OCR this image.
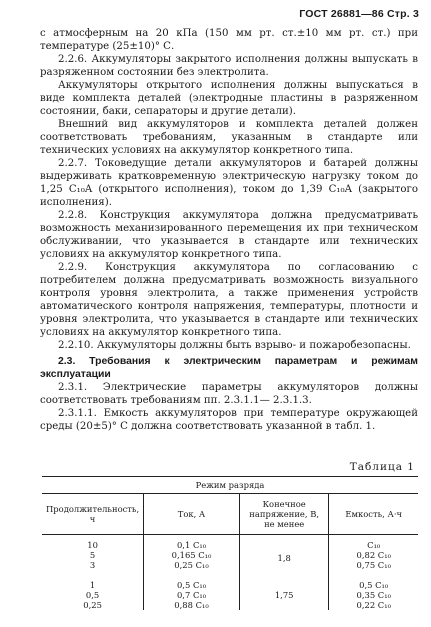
ГОСТ 26881—86 Стр. 3

с атмосферным на 20 кПа (150 мм рт. ст.±10 мм рт. ст.) при температуре (25±10)° С.

2.2.6. Аккумуляторы закрытого исполнения должны выпускать в разряженном состоянии без электролита.

Аккумуляторы открытого исполнения должны выпускаться в виде комплекта деталей (электродные пластины в разряженном состоянии, баки, сепараторы и другие детали).

Внешний вид аккумуляторов и комплекта деталей должен соответствовать требованиям, указанным в стандарте или технических условиях на аккумулятор конкретного типа.

2.2.7. Токоведущие детали аккумуляторов и батарей должны выдерживать кратковременную электрическую нагрузку током до 1,25 C₁₀A (открытого исполнения), током до 1,39 C₁₀A (закрытого исполнения).

2.2.8. Конструкция аккумулятора должна предусматривать возможность механизированного перемещения их при техническом обслуживании, что указывается в стандарте или технических условиях на аккумулятор конкретного типа.

2.2.9. Конструкция аккумулятора по согласованию с потребителем должна предусматривать возможность визуального контроля уровня электролита, а также применения устройств автоматического контроля напряжения, температуры, плотности и уровня электролита, что указывается в стандарте или технических условиях на аккумулятор конкретного типа.

2.2.10. Аккумуляторы должны быть взрыво- и пожаробезопасны.

2.3. Требования к электрическим параметрам и режимам эксплуатации

2.3.1. Электрические параметры аккумуляторов должны соответствовать требованиям пп. 2.3.1.1— 2.3.1.3.

2.3.1.1. Емкость аккумуляторов при температуре окружающей среды (20±5)° С должна соответствовать указанной в табл. 1.

Таблица 1
Режим разряда			
Продолжительность, ч	Ток, А	Конечное напряжение, В, не менее	Емкость, А·ч
10	0,1 C₁₀	1,8	C₁₀
5	0,165 C₁₀		0,82 C₁₀
3	0,25 C₁₀		0,75 C₁₀
1	0,5 C₁₀	1,75	0,5 C₁₀
0,5	0,7 C₁₀		0,35 C₁₀
0,25	0,88 C₁₀		0,22 C₁₀
